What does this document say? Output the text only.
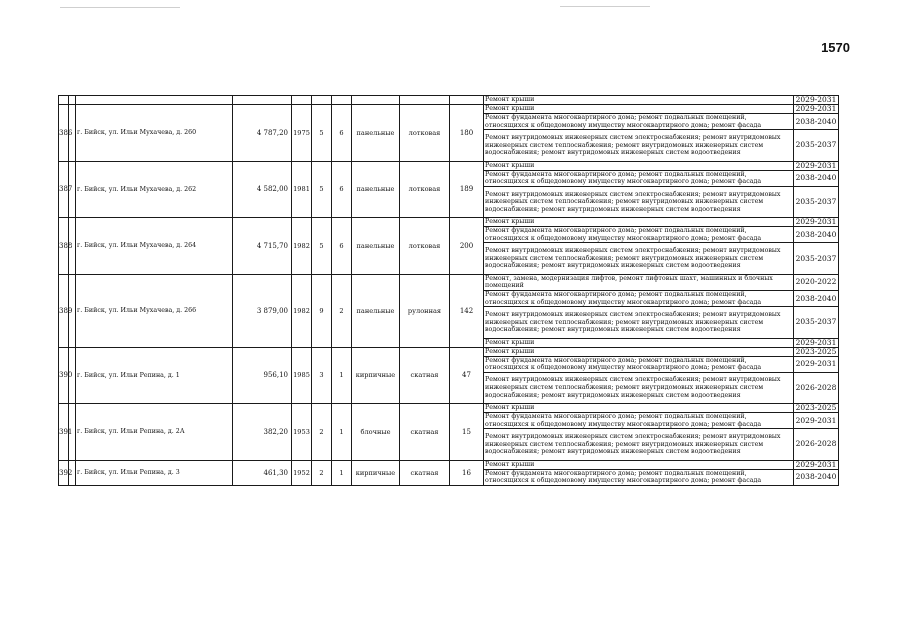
1570
										Ремонт крыши	2029-2031
386		г. Бийск, ул. Ильи Мухачева, д. 260	4 787,20	1975	5	6	панельные	лотковая	180	Ремонт крыши	2029-2031
										Ремонт фундамента многоквартирного дома; ремонт подвальных помещений, относящихся к общедомовому имуществу многоквартирного дома; ремонт фасада	2038-2040
										Ремонт внутридомовых инженерных систем электроснабжения; ремонт внутридомовых инженерных систем теплоснабжения; ремонт внутридомовых инженерных систем водоснабжения; ремонт внутридомовых инженерных систем водоотведения	2035-2037
387		г. Бийск, ул. Ильи Мухачева, д. 262	4 582,00	1981	5	6	панельные	лотковая	189	Ремонт крыши	2029-2031
										Ремонт фундамента многоквартирного дома; ремонт подвальных помещений, относящихся к общедомовому имуществу многоквартирного дома; ремонт фасада	2038-2040
										Ремонт внутридомовых инженерных систем электроснабжения; ремонт внутридомовых инженерных систем теплоснабжения; ремонт внутридомовых инженерных систем водоснабжения; ремонт внутридомовых инженерных систем водоотведения	2035-2037
388		г. Бийск, ул. Ильи Мухачева, д. 264	4 715,70	1982	5	6	панельные	лотковая	200	Ремонт крыши	2029-2031
										Ремонт фундамента многоквартирного дома; ремонт подвальных помещений, относящихся к общедомовому имуществу многоквартирного дома; ремонт фасада	2038-2040
										Ремонт внутридомовых инженерных систем электроснабжения; ремонт внутридомовых инженерных систем теплоснабжения; ремонт внутридомовых инженерных систем водоснабжения; ремонт внутридомовых инженерных систем водоотведения	2035-2037
389		г. Бийск, ул. Ильи Мухачева, д. 266	3 879,00	1982	9	2	панельные	рулонная	142	Ремонт, замена, модернизация лифтов, ремонт лифтовых шахт, машинных и блочных помещений	2020-2022
										Ремонт фундамента многоквартирного дома; ремонт подвальных помещений, относящихся к общедомовому имуществу многоквартирного дома; ремонт фасада	2038-2040
										Ремонт внутридомовых инженерных систем электроснабжения; ремонт внутридомовых инженерных систем теплоснабжения; ремонт внутридомовых инженерных систем водоснабжения; ремонт внутридомовых инженерных систем водоотведения	2035-2037
										Ремонт крыши	2029-2031
390		г. Бийск, ул. Ильи Репина, д. 1	956,10	1985	3	1	кирпичные	скатная	47	Ремонт крыши	2023-2025
										Ремонт фундамента многоквартирного дома; ремонт подвальных помещений, относящихся к общедомовому имуществу многоквартирного дома; ремонт фасада	2029-2031
										Ремонт внутридомовых инженерных систем электроснабжения; ремонт внутридомовых инженерных систем теплоснабжения; ремонт внутридомовых инженерных систем водоснабжения; ремонт внутридомовых инженерных систем водоотведения	2026-2028
391		г. Бийск, ул. Ильи Репина, д. 2А	382,20	1953	2	1	блочные	скатная	15	Ремонт крыши	2023-2025
										Ремонт фундамента многоквартирного дома; ремонт подвальных помещений, относящихся к общедомовому имуществу многоквартирного дома; ремонт фасада	2029-2031
										Ремонт внутридомовых инженерных систем электроснабжения; ремонт внутридомовых инженерных систем теплоснабжения; ремонт внутридомовых инженерных систем водоснабжения; ремонт внутридомовых инженерных систем водоотведения	2026-2028
392		г. Бийск, ул. Ильи Репина, д. 3	461,30	1952	2	1	кирпичные	скатная	16	Ремонт крыши	2029-2031
										Ремонт фундамента многоквартирного дома; ремонт подвальных помещений, относящихся к общедомовому имуществу многоквартирного дома; ремонт фасада	2038-2040
